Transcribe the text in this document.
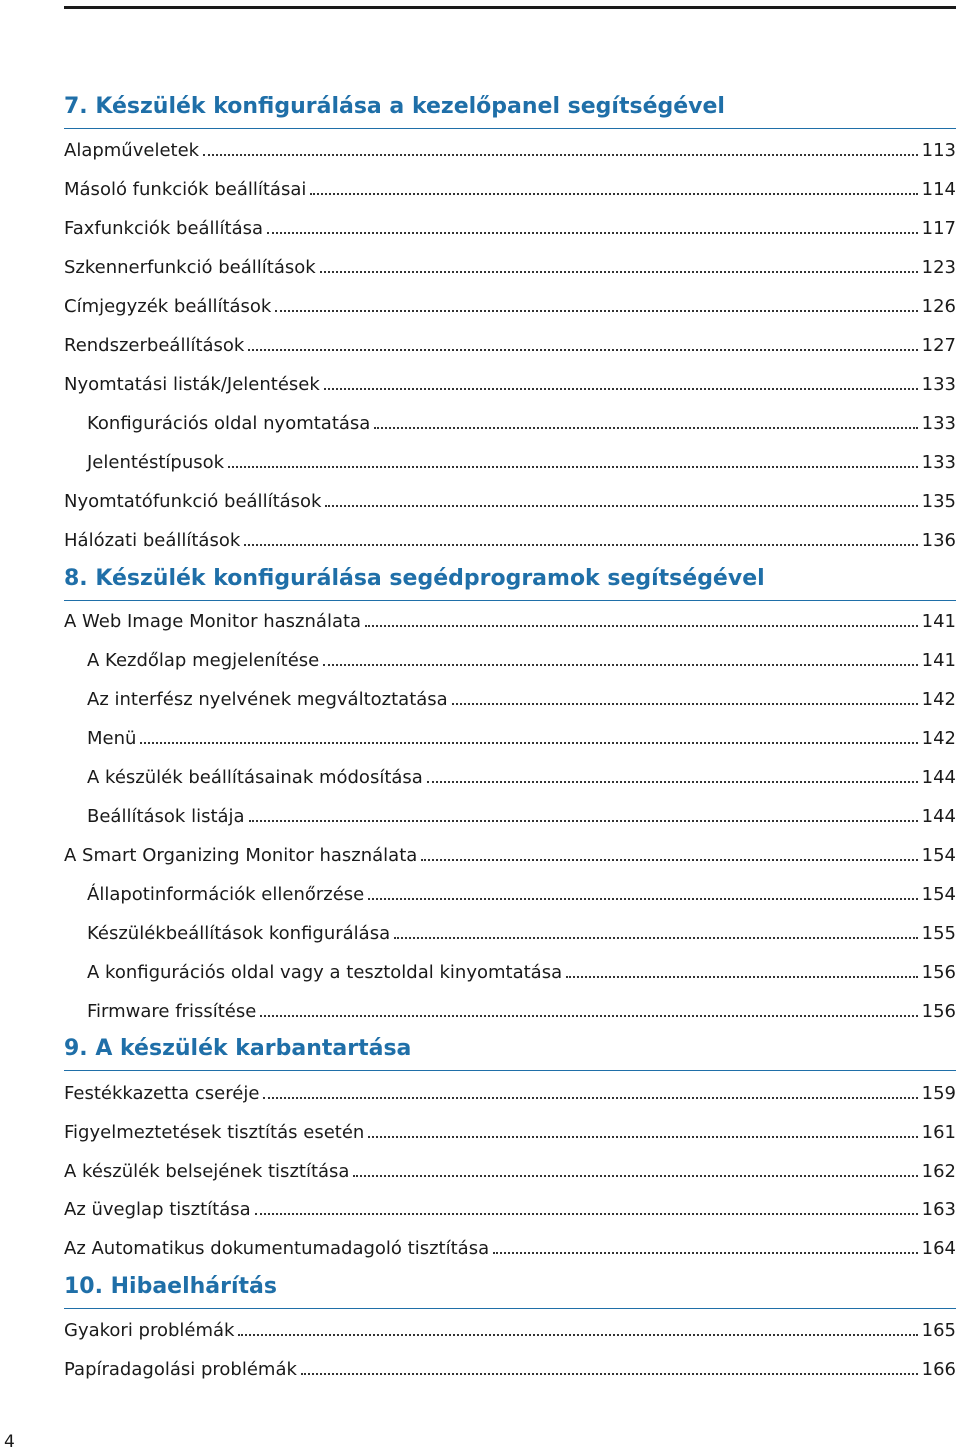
7. Készülék konfigurálása a kezelőpanel segítségével
Alapműveletek	113
Másoló funkciók beállításai	114
Faxfunkciók beállítása	117
Szkennerfunkció beállítások	123
Címjegyzék beállítások	126
Rendszerbeállítások	127
Nyomtatási listák/Jelentések	133
Konfigurációs oldal nyomtatása	133
Jelentéstípusok	133
Nyomtatófunkció beállítások	135
Hálózati beállítások	136
8. Készülék konfigurálása segédprogramok segítségével
A Web Image Monitor használata	141
A Kezdőlap megjelenítése	141
Az interfész nyelvének megváltoztatása	142
Menü	142
A készülék beállításainak módosítása	144
Beállítások listája	144
A Smart Organizing Monitor használata	154
Állapotinformációk ellenőrzése	154
Készülékbeállítások konfigurálása	155
A konfigurációs oldal vagy a tesztoldal kinyomtatása	156
Firmware frissítése	156
9. A készülék karbantartása
Festékkazetta cseréje	159
Figyelmeztetések tisztítás esetén	161
A készülék belsejének tisztítása	162
Az üveglap tisztítása	163
Az Automatikus dokumentumadagoló tisztítása	164
10. Hibaelhárítás
Gyakori problémák	165
Papíradagolási problémák	166
4
